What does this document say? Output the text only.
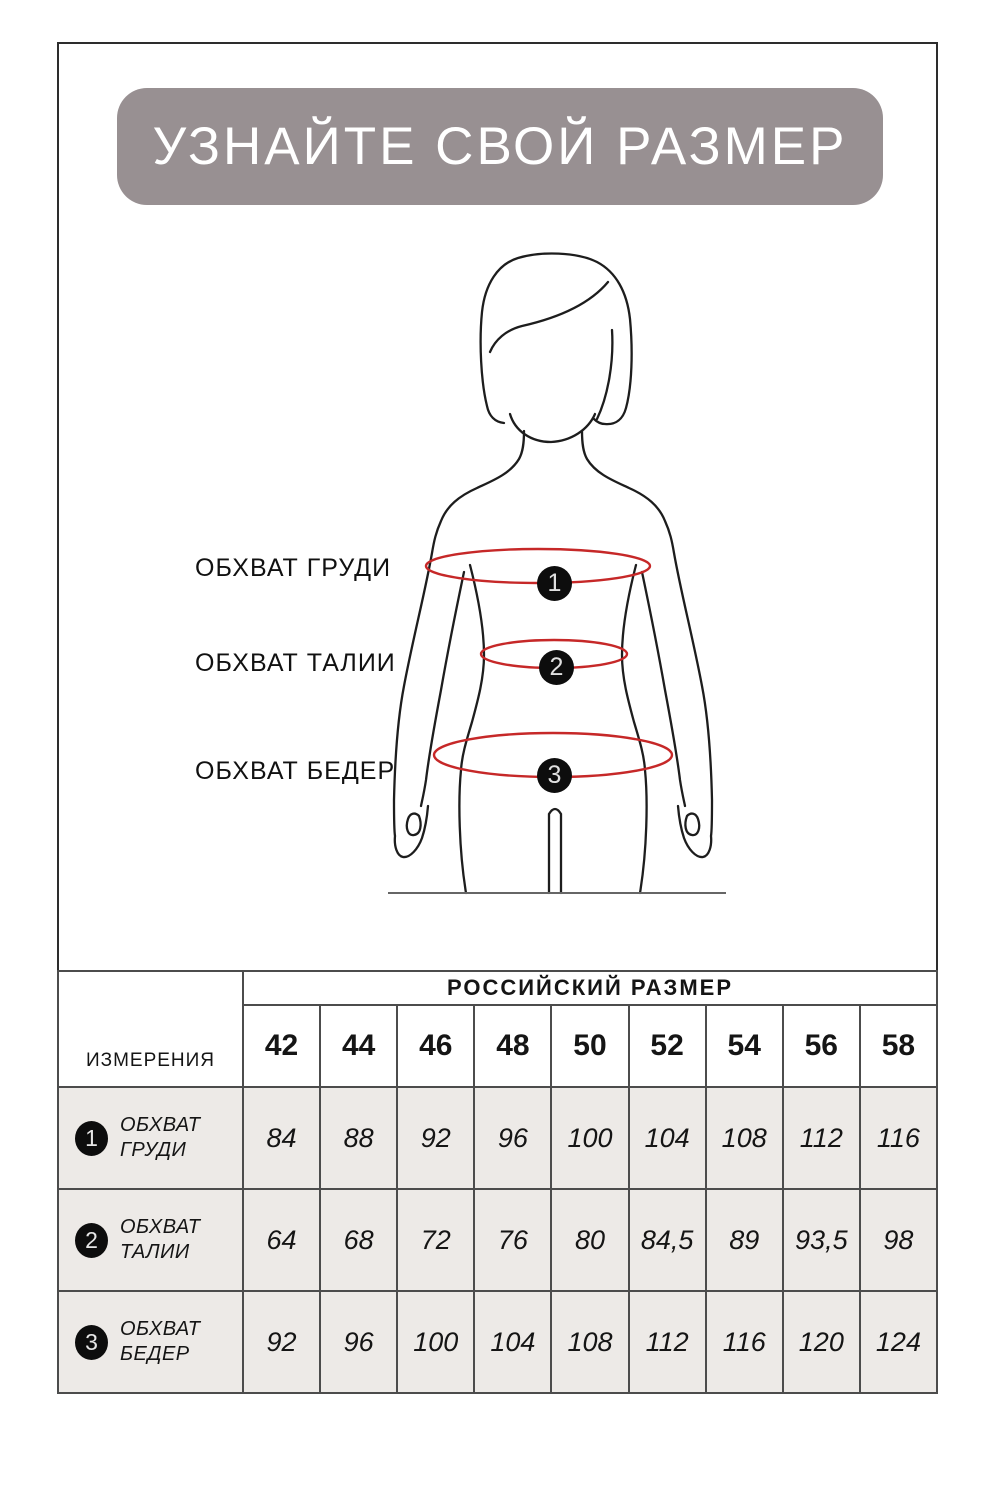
УЗНАЙТЕ СВОЙ РАЗМЕР
ОБХВАТ ГРУДИ
ОБХВАТ ТАЛИИ
ОБХВАТ БЕДЕР
1
2
3
ИЗМЕРЕНИЯ	РОССИЙСКИЙ РАЗМЕР								
	42	44	46	48	50	52	54	56	58

1 ОБХВАТ ГРУДИ	84	88	92	96	100	104	108	112	116

2 ОБХВАТ ТАЛИИ	64	68	72	76	80	84,5	89	93,5	98

3 ОБХВАТ БЕДЕР	92	96	100	104	108	112	116	120	124
